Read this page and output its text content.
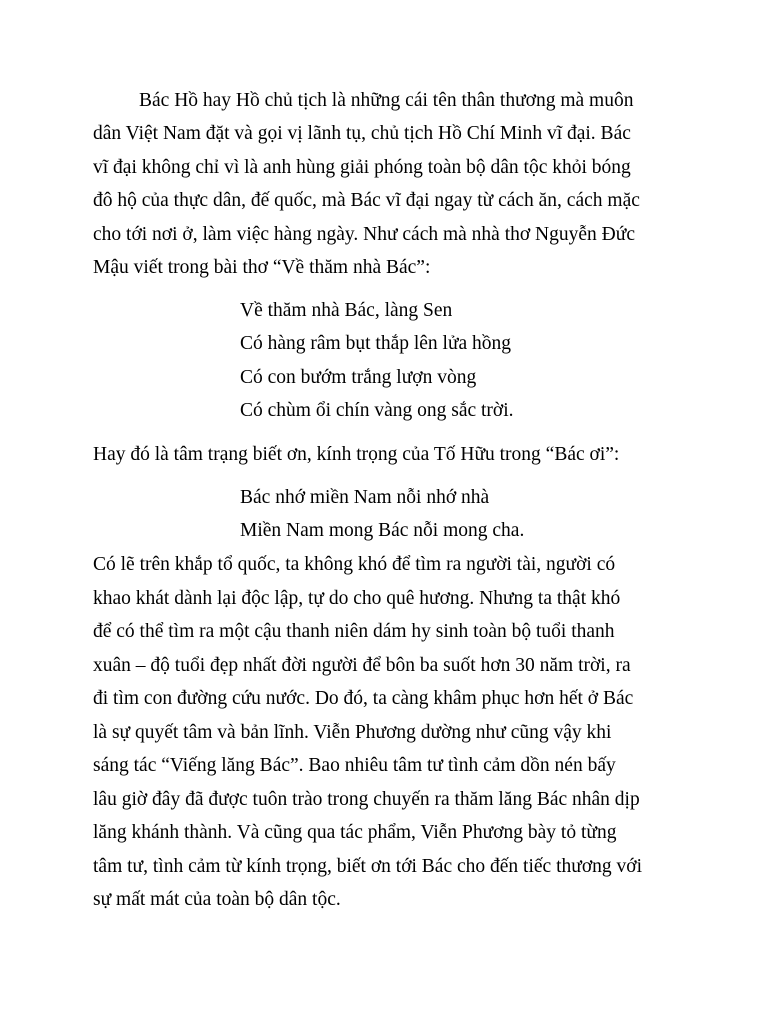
Bác Hồ hay Hồ chủ tịch là những cái tên thân thương mà muôn

dân Việt Nam đặt và gọi vị lãnh tụ, chủ tịch Hồ Chí Minh vĩ đại. Bác

vĩ đại không chỉ vì là anh hùng giải phóng toàn bộ dân tộc khỏi bóng

đô hộ của thực dân, đế quốc, mà Bác vĩ đại ngay từ cách ăn, cách mặc

cho tới nơi ở, làm việc hàng ngày. Như cách mà nhà thơ Nguyễn Đức

Mậu viết trong bài thơ “Về thăm nhà Bác”:

Về thăm nhà Bác, làng Sen

Có hàng râm bụt thắp lên lửa hồng

Có con bướm trắng lượn vòng

Có chùm ổi chín vàng ong sắc trời.

Hay đó là tâm trạng biết ơn, kính trọng của Tố Hữu trong “Bác ơi”:

Bác nhớ miền Nam nỗi nhớ nhà

Miền Nam mong Bác nỗi mong cha.

Có lẽ trên khắp tổ quốc, ta không khó để tìm ra người tài, người có

khao khát dành lại độc lập, tự do cho quê hương. Nhưng ta thật khó

để có thể tìm ra một cậu thanh niên dám hy sinh toàn bộ tuổi thanh

xuân – độ tuổi đẹp nhất đời người để bôn ba suốt hơn 30 năm trời, ra

đi tìm con đường cứu nước. Do đó, ta càng khâm phục hơn hết ở Bác

là sự quyết tâm và bản lĩnh. Viễn Phương dường như cũng vậy khi

sáng tác “Viếng lăng Bác”. Bao nhiêu tâm tư tình cảm dồn nén bấy

lâu giờ đây đã được tuôn trào trong chuyến ra thăm lăng Bác nhân dịp

lăng khánh thành. Và cũng qua tác phẩm, Viễn Phương bày tỏ từng

tâm tư, tình cảm từ kính trọng, biết ơn tới Bác cho đến tiếc thương với

sự mất mát của toàn bộ dân tộc.
